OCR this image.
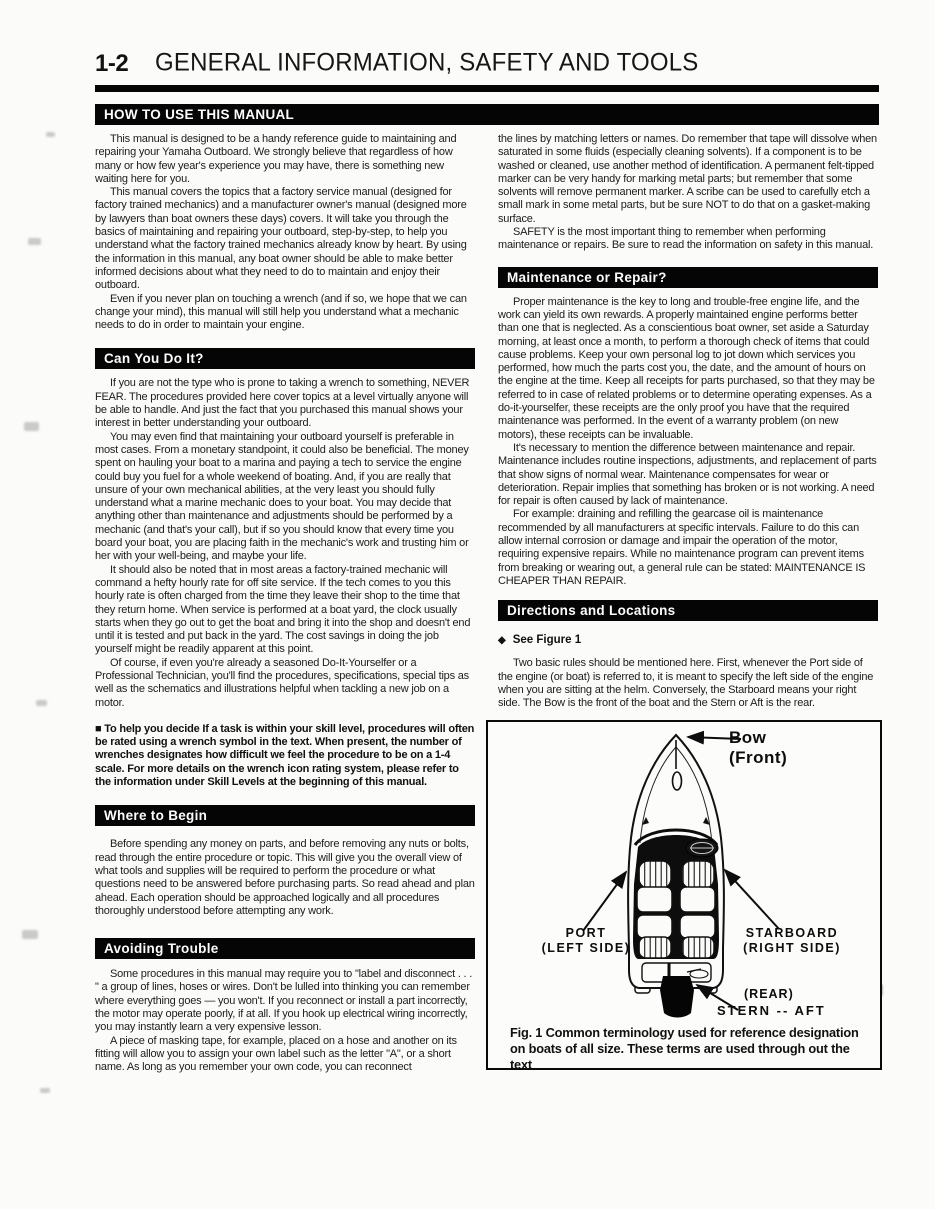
1-2	GENERAL INFORMATION, SAFETY AND TOOLS
HOW TO USE THIS MANUAL

This manual is designed to be a handy reference guide to maintaining and repairing your Yamaha Outboard. We strongly believe that regardless of how many or how few year's experience you may have, there is something new waiting here for you.

This manual covers the topics that a factory service manual (designed for factory trained mechanics) and a manufacturer owner's manual (designed more by lawyers than boat owners these days) covers. It will take you through the basics of maintaining and repairing your outboard, step-by-step, to help you understand what the factory trained mechanics already know by heart. By using the information in this manual, any boat owner should be able to make better informed decisions about what they need to do to maintain and enjoy their outboard.

Even if you never plan on touching a wrench (and if so, we hope that we can change your mind), this manual will still help you understand what a mechanic needs to do in order to maintain your engine.

Can You Do It?

If you are not the type who is prone to taking a wrench to something, NEVER FEAR. The procedures provided here cover topics at a level virtually anyone will be able to handle. And just the fact that you purchased this manual shows your interest in better understanding your outboard.

You may even find that maintaining your outboard yourself is preferable in most cases. From a monetary standpoint, it could also be beneficial. The money spent on hauling your boat to a marina and paying a tech to service the engine could buy you fuel for a whole weekend of boating. And, if you are really that unsure of your own mechanical abilities, at the very least you should fully understand what a marine mechanic does to your boat. You may decide that anything other than maintenance and adjustments should be performed by a mechanic (and that's your call), but if so you should know that every time you board your boat, you are placing faith in the mechanic's work and trusting him or her with your well-being, and maybe your life.

It should also be noted that in most areas a factory-trained mechanic will command a hefty hourly rate for off site service. If the tech comes to you this hourly rate is often charged from the time they leave their shop to the time that they return home. When service is performed at a boat yard, the clock usually starts when they go out to get the boat and bring it into the shop and doesn't end until it is tested and put back in the yard. The cost savings in doing the job yourself might be readily apparent at this point.

Of course, if even you're already a seasoned Do-It-Yourselfer or a Professional Technician, you'll find the procedures, specifications, special tips as well as the schematics and illustrations helpful when tackling a new job on a motor.

■ To help you decide If a task is within your skill level, procedures will often be rated using a wrench symbol in the text. When present, the number of wrenches designates how difficult we feel the procedure to be on a 1-4 scale. For more details on the wrench icon rating system, please refer to the information under Skill Levels at the beginning of this manual.

Where to Begin

Before spending any money on parts, and before removing any nuts or bolts, read through the entire procedure or topic. This will give you the overall view of what tools and supplies will be required to perform the procedure or what questions need to be answered before purchasing parts. So read ahead and plan ahead. Each operation should be approached logically and all procedures thoroughly understood before attempting any work.

Avoiding Trouble

Some procedures in this manual may require you to "label and disconnect . . . " a group of lines, hoses or wires. Don't be lulled into thinking you can remember where everything goes — you won't. If you reconnect or install a part incorrectly, the motor may operate poorly, if at all. If you hook up electrical wiring incorrectly, you may instantly learn a very expensive lesson.

A piece of masking tape, for example, placed on a hose and another on its fitting will allow you to assign your own label such as the letter "A", or a short name. As long as you remember your own code, you can reconnect

the lines by matching letters or names. Do remember that tape will dissolve when saturated in some fluids (especially cleaning solvents). If a component is to be washed or cleaned, use another method of identification. A permanent felt-tipped marker can be very handy for marking metal parts; but remember that some solvents will remove permanent marker. A scribe can be used to carefully etch a small mark in some metal parts, but be sure NOT to do that on a gasket-making surface.

SAFETY is the most important thing to remember when performing maintenance or repairs. Be sure to read the information on safety in this manual.

Maintenance or Repair?

Proper maintenance is the key to long and trouble-free engine life, and the work can yield its own rewards. A properly maintained engine performs better than one that is neglected. As a conscientious boat owner, set aside a Saturday morning, at least once a month, to perform a thorough check of items that could cause problems. Keep your own personal log to jot down which services you performed, how much the parts cost you, the date, and the amount of hours on the engine at the time. Keep all receipts for parts purchased, so that they may be referred to in case of related problems or to determine operating expenses. As a do-it-yourselfer, these receipts are the only proof you have that the required maintenance was performed. In the event of a warranty problem (on new motors), these receipts can be invaluable.

It's necessary to mention the difference between maintenance and repair. Maintenance includes routine inspections, adjustments, and replacement of parts that show signs of normal wear. Maintenance compensates for wear or deterioration. Repair implies that something has broken or is not working. A need for repair is often caused by lack of maintenance.

For example: draining and refilling the gearcase oil is maintenance recommended by all manufacturers at specific intervals. Failure to do this can allow internal corrosion or damage and impair the operation of the motor, requiring expensive repairs. While no maintenance program can prevent items from breaking or wearing out, a general rule can be stated: MAINTENANCE IS CHEAPER THAN REPAIR.

Directions and Locations
◆ See Figure 1

Two basic rules should be mentioned here. First, whenever the Port side of the engine (or boat) is referred to, it is meant to specify the left side of the engine when you are sitting at the helm. Conversely, the Starboard means your right side. The Bow is the front of the boat and the Stern or Aft is the rear.

Bow
(Front)
PORT
(LEFT SIDE)
STARBOARD
(RIGHT SIDE)
(REAR)
STERN -- AFT
Fig. 1 Common terminology used for reference designation on boats of all size. These terms are used through out the text
